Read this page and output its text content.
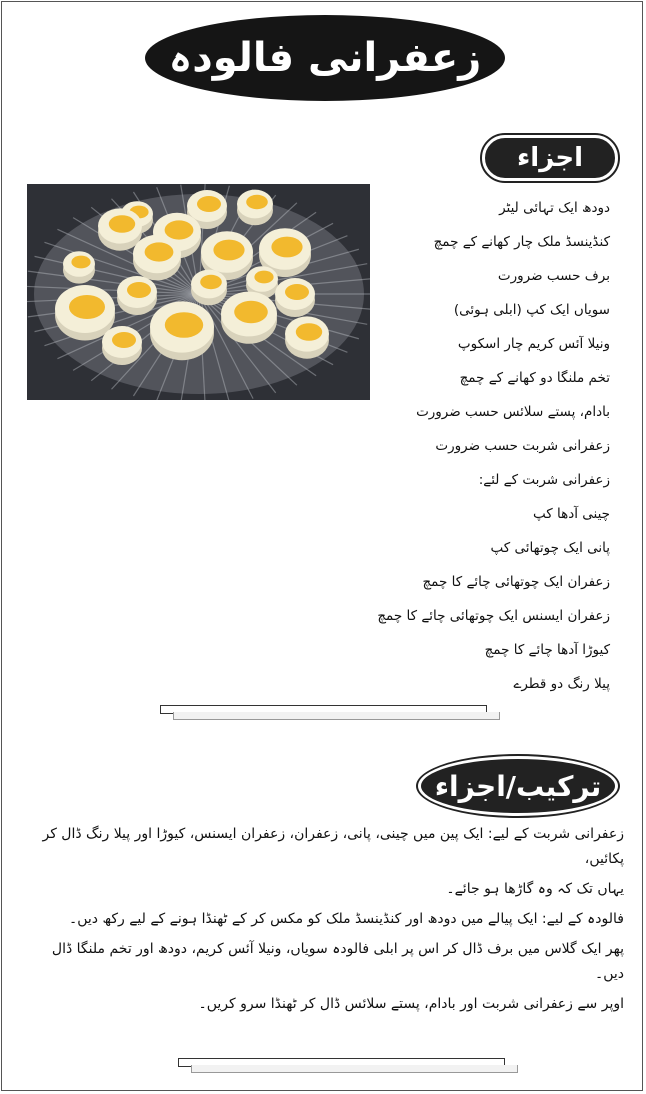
زعفرانی فالودہ
اجزاء
دودھ ایک تہائی لیٹر
کنڈینسڈ ملک چار کھانے کے چمچ
برف حسب ضرورت
سویاں ایک کپ (ابلی ہوئی)
ونیلا آئس کریم چار اسکوپ
تخم ملنگا دو کھانے کے چمچ
بادام، پستے سلائس حسب ضرورت
زعفرانی شربت حسب ضرورت
زعفرانی شربت کے لئے:
چینی آدھا کپ
پانی ایک چوتھائی کپ
زعفران ایک چوتھائی چائے کا چمچ
زعفران ایسنس ایک چوتھائی چائے کا چمچ
کیوڑا آدھا چائے کا چمچ
پیلا رنگ دو قطرے
ترکیب/اجزاء

زعفرانی شربت کے لیے: ایک پین میں چینی، پانی، زعفران، زعفران ایسنس، کیوڑا اور پیلا رنگ ڈال کر پکائیں،

یہاں تک کہ وہ گاڑھا ہو جائے۔

فالودہ کے لیے: ایک پیالے میں دودھ اور کنڈینسڈ ملک کو مکس کر کے ٹھنڈا ہونے کے لیے رکھ دیں۔

پھر ایک گلاس میں برف ڈال کر اس پر ابلی فالودہ سویاں، ونیلا آئس کریم، دودھ اور تخم ملنگا ڈال دیں۔

اوپر سے زعفرانی شربت اور بادام، پستے سلائس ڈال کر ٹھنڈا سرو کریں۔
